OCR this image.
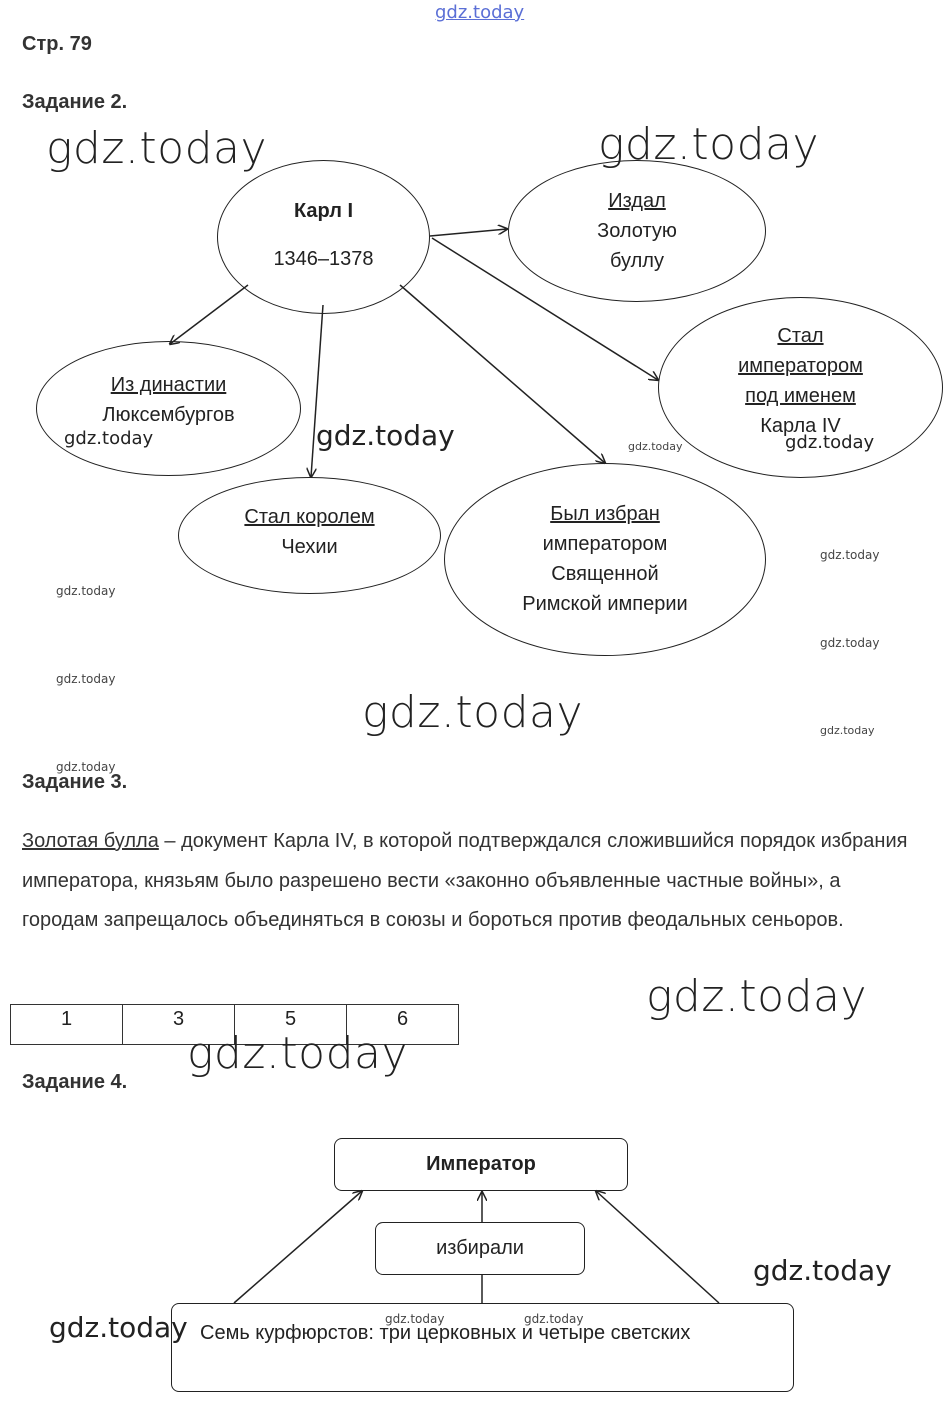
gdz.today
Стр. 79
Задание 2.
Карл I
1346–1378
Издал
Золотую
буллу
Стал
императором
под именем
Карла IV
Из династии
Люксембургов
Стал королем
Чехии
Был избран
императором
Священной
Римской империи
Задание 3.
Золотая булла – документ Карла IV, в которой подтверждался сложившийся порядок избрания императора, князьям было разрешено вести «законно объявленные частные войны», а городам запрещалось объединяться в союзы и бороться против феодальных сеньоров.
1	3	5	6
Задание 4.
Император
избирали
Семь курфюрстов: три церковных и четыре светских
gdz.today	gdz.today
gdz.today
gdz.today
gdz.today
gdz.today
gdz.today
gdz.today
gdz.today	gdz.today
gdz.today
gdz.today
gdz.today
gdz.today
gdz.today
gdz.today
gdz.today
gdz.today	gdz.today
